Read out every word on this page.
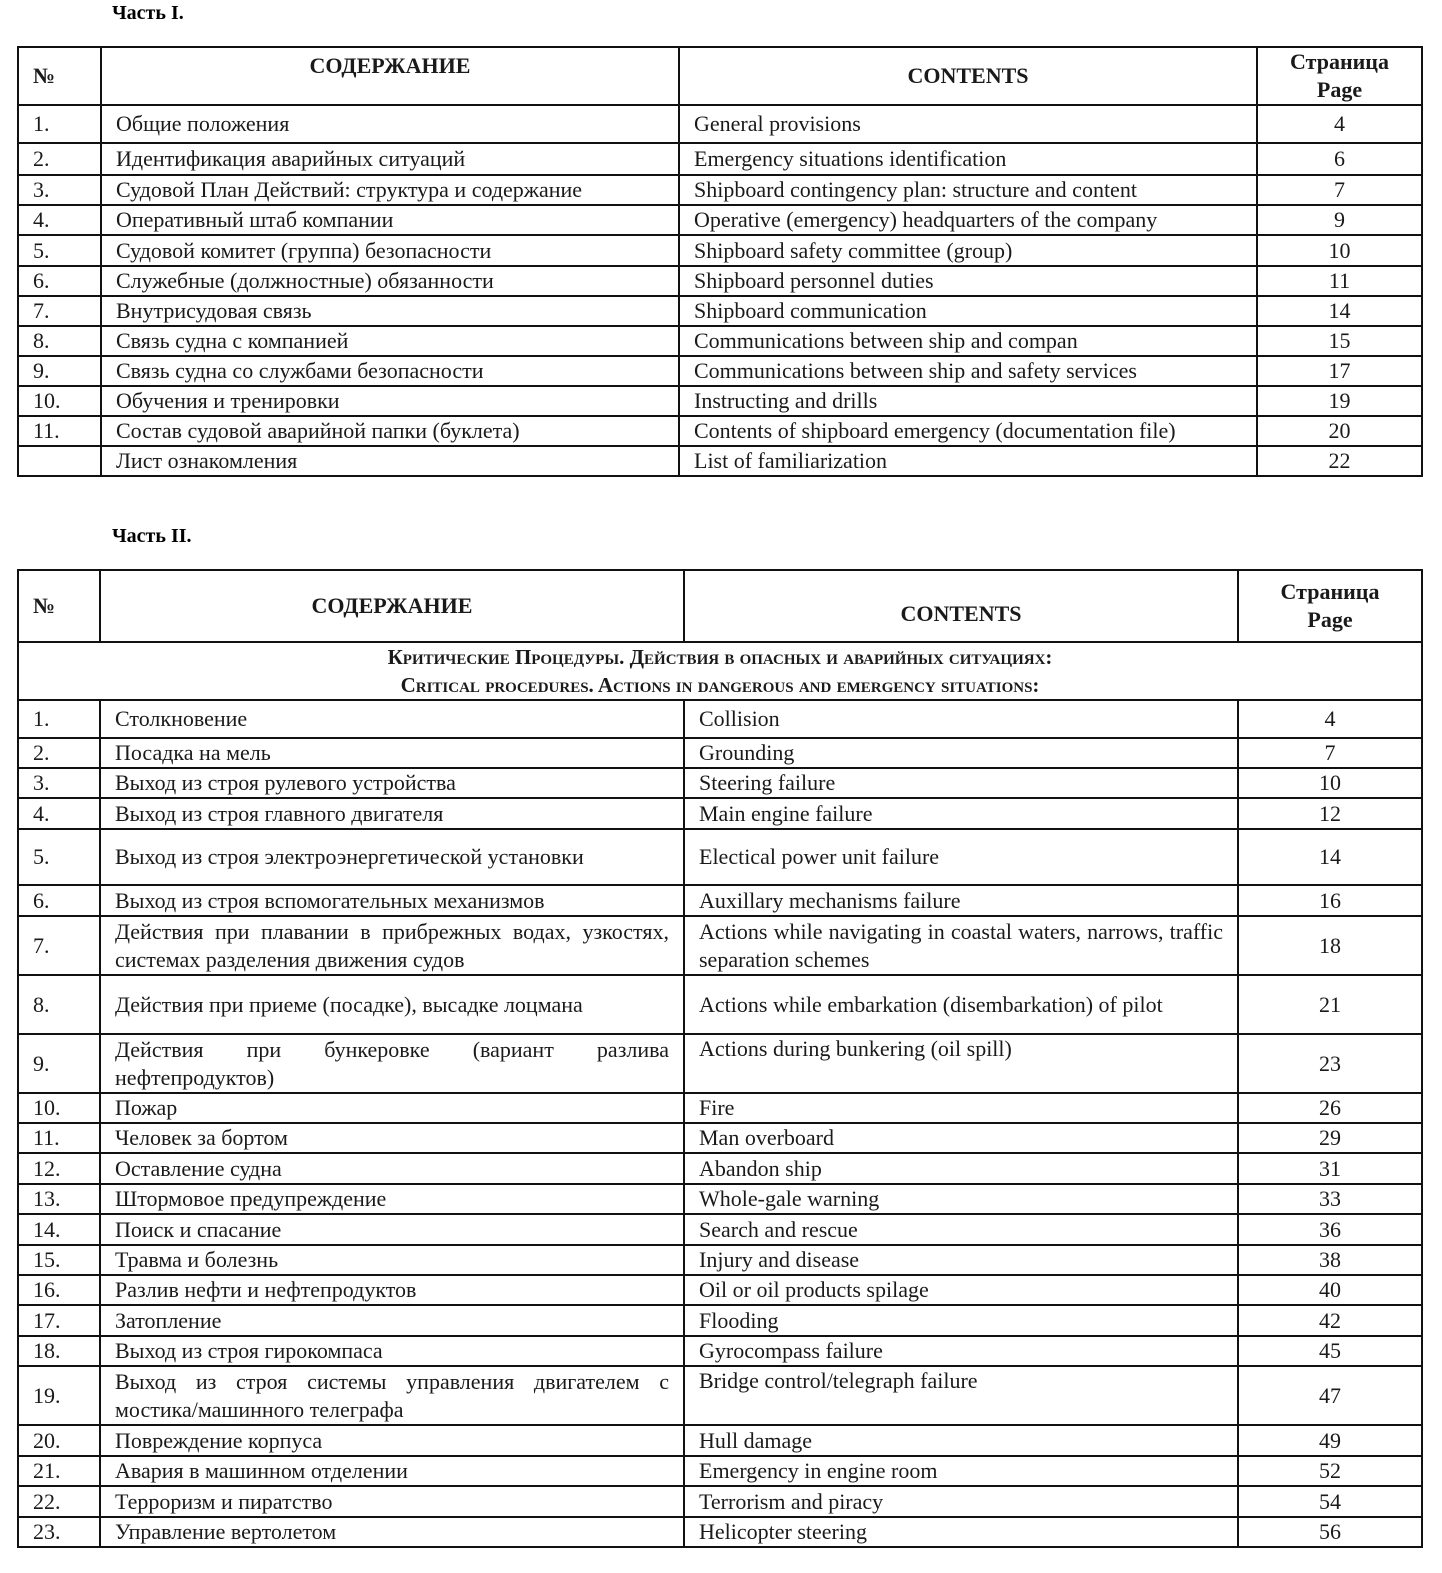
Часть I.
№	СОДЕРЖАНИЕ	CONTENTS	Страница
Page

1.	Общие положения	General provisions	4
2.	Идентификация аварийных ситуаций	Emergency situations identification	6
3.	Судовой План Действий: структура и содержание	Shipboard contingency plan: structure and content	7
4.	Оперативный штаб компании	Operative (emergency) headquarters of the company	9
5.	Судовой комитет (группа) безопасности	Shipboard safety committee (group)	10
6.	Служебные (должностные) обязанности	Shipboard personnel duties	11
7.	Внутрисудовая связь	Shipboard communication	14
8.	Связь судна с компанией	Communications between ship and compan	15
9.	Связь судна со службами безопасности	Communications between ship and safety services	17
10.	Обучения и тренировки	Instructing and drills	19
11.	Состав судовой аварийной папки (буклета)	Contents of shipboard emergency (documentation file)	20
	Лист ознакомления	List of familiarization	22
Часть II.
№	СОДЕРЖАНИЕ	CONTENTS	Страница
Page

Критические Процедуры. Действия в опасных и аварийных ситуациях:
Critical procedures. Actions in dangerous and emergency situations:			

1.	Столкновение	Collision	4
2.	Посадка на мель	Grounding	7
3.	Выход из строя рулевого устройства	Steering failure	10
4.	Выход из строя главного двигателя	Main engine failure	12
5.	Выход из строя электроэнергетической установки	Electical power unit failure	14
6.	Выход из строя вспомогательных механизмов	Auxillary mechanisms failure	16
7.	Действия при плавании в прибрежных водах, узкостях, системах разделения движения судов	Actions while navigating in coastal waters, narrows, traffic separation schemes	18
8.	Действия при приеме (посадке), высадке лоцмана	Actions while embarkation (disembarkation) of pilot	21
9.	Действия при бункеровке (вариант разлива нефтепродуктов)	Actions during bunkering (oil spill)	23
10.	Пожар	Fire	26
11.	Человек за бортом	Man overboard	29
12.	Оставление судна	Abandon ship	31
13.	Штормовое предупреждение	Whole-gale warning	33
14.	Поиск и спасание	Search and rescue	36
15.	Травма и болезнь	Injury and disease	38
16.	Разлив нефти и нефтепродуктов	Oil or oil products spilage	40
17.	Затопление	Flooding	42
18.	Выход из строя гирокомпаса	Gyrocompass failure	45
19.	Выход из строя системы управления двигателем с мостика/машинного телеграфа	Bridge control/telegraph failure	47
20.	Повреждение корпуса	Hull damage	49
21.	Авария в машинном отделении	Emergency in engine room	52
22.	Терроризм и пиратство	Terrorism and piracy	54
23.	Управление вертолетом	Helicopter steering	56
